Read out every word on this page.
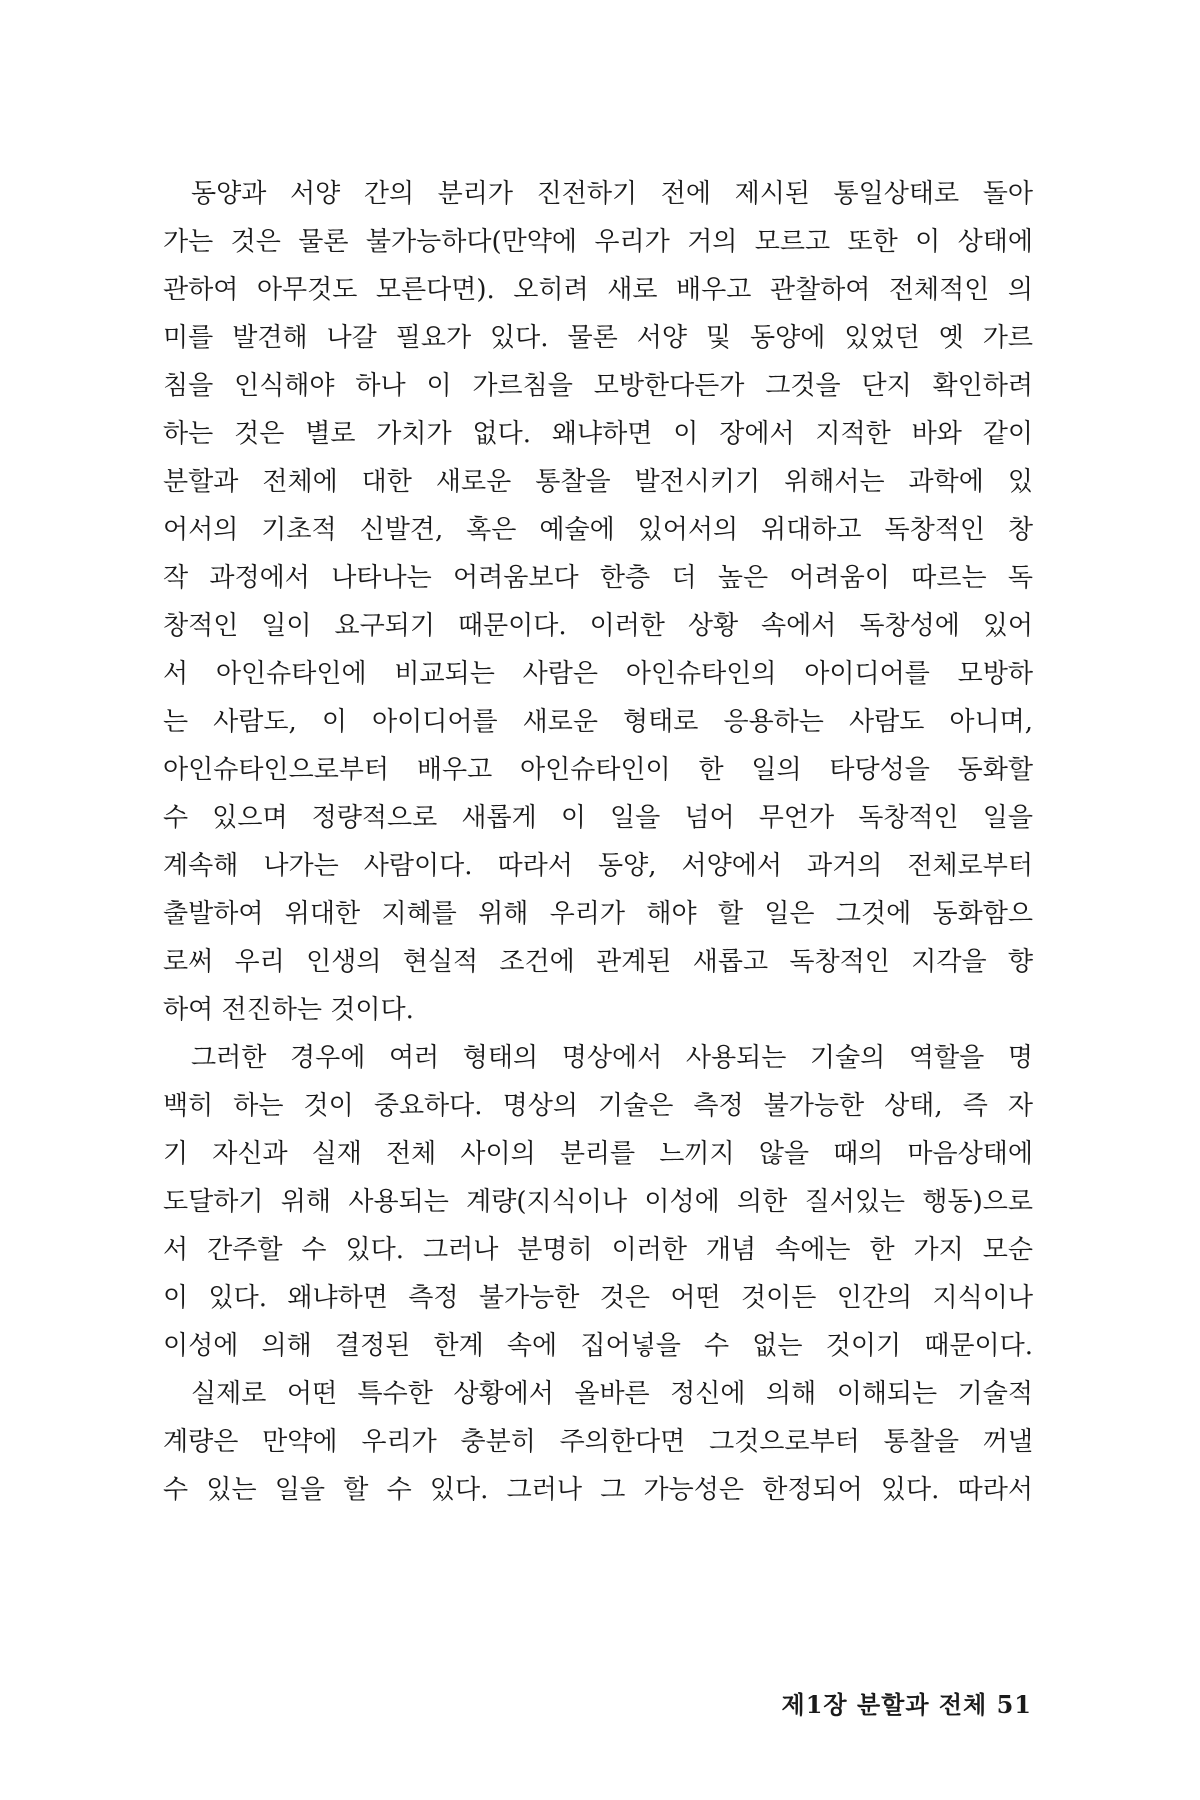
동양과 서양 간의 분리가 진전하기 전에 제시된 통일상태로 돌아
가는 것은 물론 불가능하다(만약에 우리가 거의 모르고 또한 이 상태에
관하여 아무것도 모른다면). 오히려 새로 배우고 관찰하여 전체적인 의
미를 발견해 나갈 필요가 있다. 물론 서양 및 동양에 있었던 옛 가르
침을 인식해야 하나 이 가르침을 모방한다든가 그것을 단지 확인하려
하는 것은 별로 가치가 없다. 왜냐하면 이 장에서 지적한 바와 같이
분할과 전체에 대한 새로운 통찰을 발전시키기 위해서는 과학에 있
어서의 기초적 신발견, 혹은 예술에 있어서의 위대하고 독창적인 창
작 과정에서 나타나는 어려움보다 한층 더 높은 어려움이 따르는 독
창적인 일이 요구되기 때문이다. 이러한 상황 속에서 독창성에 있어
서 아인슈타인에 비교되는 사람은 아인슈타인의 아이디어를 모방하
는 사람도, 이 아이디어를 새로운 형태로 응용하는 사람도 아니며,
아인슈타인으로부터 배우고 아인슈타인이 한 일의 타당성을 동화할
수 있으며 정량적으로 새롭게 이 일을 넘어 무언가 독창적인 일을
계속해 나가는 사람이다. 따라서 동양, 서양에서 과거의 전체로부터
출발하여 위대한 지혜를 위해 우리가 해야 할 일은 그것에 동화함으
로써 우리 인생의 현실적 조건에 관계된 새롭고 독창적인 지각을 향
하여 전진하는 것이다.
그러한 경우에 여러 형태의 명상에서 사용되는 기술의 역할을 명
백히 하는 것이 중요하다. 명상의 기술은 측정 불가능한 상태, 즉 자
기 자신과 실재 전체 사이의 분리를 느끼지 않을 때의 마음상태에
도달하기 위해 사용되는 계량(지식이나 이성에 의한 질서있는 행동)으로
서 간주할 수 있다. 그러나 분명히 이러한 개념 속에는 한 가지 모순
이 있다. 왜냐하면 측정 불가능한 것은 어떤 것이든 인간의 지식이나
이성에 의해 결정된 한계 속에 집어넣을 수 없는 것이기 때문이다.
실제로 어떤 특수한 상황에서 올바른 정신에 의해 이해되는 기술적
계량은 만약에 우리가 충분히 주의한다면 그것으로부터 통찰을 꺼낼
수 있는 일을 할 수 있다. 그러나 그 가능성은 한정되어 있다. 따라서
제1장 분할과 전체 51
